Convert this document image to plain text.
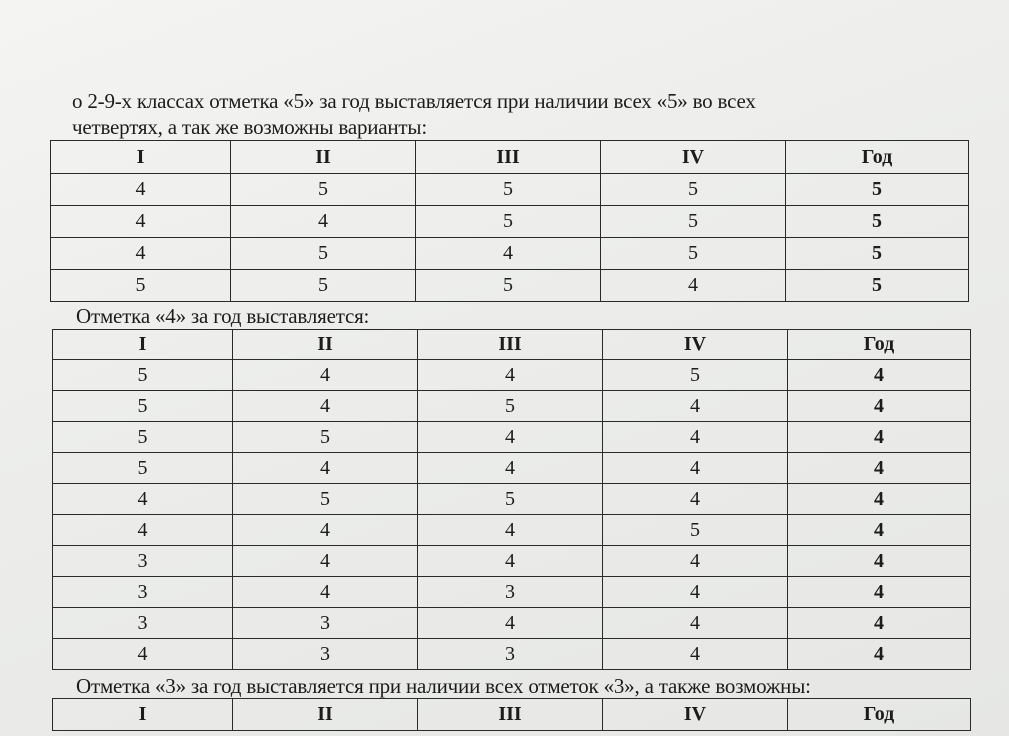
о 2-9-х классах отметка «5» за год выставляется при наличии всех «5» во всех
четвертях, а так же возможны варианты:
I	II	III	IV	Год
4	5	5	5	5
4	4	5	5	5
4	5	4	5	5
5	5	5	4	5
Отметка «4» за год выставляется:
I	II	III	IV	Год
5	4	4	5	4
5	4	5	4	4
5	5	4	4	4
5	4	4	4	4
4	5	5	4	4
4	4	4	5	4
3	4	4	4	4
3	4	3	4	4
3	3	4	4	4
4	3	3	4	4
Отметка «3» за год выставляется при наличии всех отметок «3», а также возможны:
I	II	III	IV	Год
